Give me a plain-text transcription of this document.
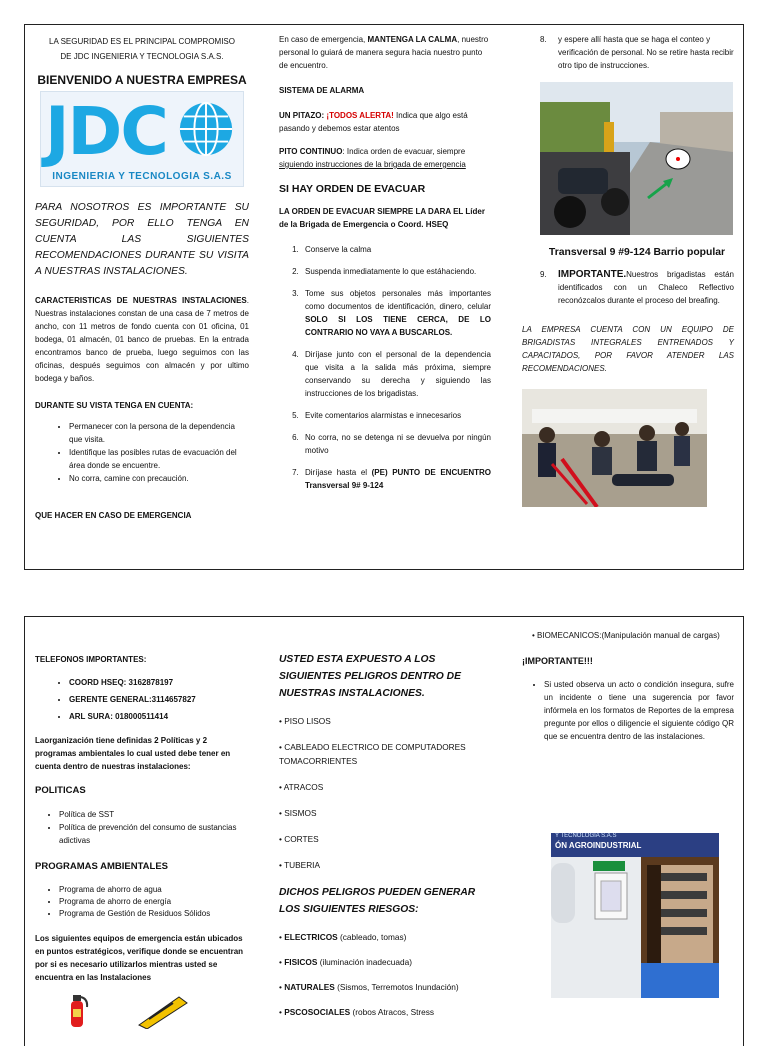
LA SEGURIDAD ES EL PRINCIPAL COMPROMISO

DE JDC INGENIERIA Y TECNOLOGIA S.A.S.

BIENVENIDO A NUESTRA EMPRESA

JDC
INGENIERIA Y TECNOLOGIA S.A.S

PARA NOSOTROS ES IMPORTANTE SU SEGURIDAD, POR ELLO TENGA EN CUENTA LAS SIGUIENTES RECOMENDACIONES DURANTE SU VISITA A NUESTRAS INSTALACIONES.

CARACTERISTICAS DE NUESTRAS INSTALACIONES. Nuestras instalaciones constan de una casa de 7 metros de ancho, con 11 metros de fondo cuenta con 01 oficina, 01 bodega, 01 almacén, 01 banco de pruebas. En la entrada encontramos banco de prueba, luego seguimos con las oficinas, después seguimos con almacén y por ultimo bodega y baños.

DURANTE SU VISTA TENGA EN CUENTA:

• Permanecer con la persona de la dependencia que visita.
• Identifique las posibles rutas de evacuación del área donde se encuentre.
• No corra, camine con precaución.

QUE HACER EN CASO DE EMERGENCIA

En caso de emergencia, MANTENGA LA CALMA, nuestro personal lo guiará de manera segura hacia nuestro punto de encuentro.

SISTEMA DE ALARMA

UN PITAZO: ¡TODOS ALERTA! Indica que algo está pasando y debemos estar atentos

PITO CONTINUO: Indica orden de evacuar, siempre siguiendo instrucciones de la brigada de emergencia

SI HAY ORDEN DE EVACUAR

LA ORDEN DE EVACUAR SIEMPRE LA DARA EL Líder de la Brigada de Emergencia o Coord. HSEQ

1. Conserve la calma
2. Suspenda inmediatamente lo que estáhaciendo.
3. Tome sus objetos personales más importantes como documentos de identificación, dinero, celular SOLO SI LOS TIENE CERCA, DE LO CONTRARIO NO VAYA A BUSCARLOS.
4. Diríjase junto con el personal de la dependencia que visita a la salida más próxima, siempre conservando su derecha y siguiendo las instrucciones de los brigadistas.
5. Evite comentarios alarmistas e innecesarios
6. No corra, no se detenga ni se devuelva por ningún motivo
7. Diríjase hasta el (PE) PUNTO DE ENCUENTRO Transversal 9# 9-124
8. y espere allí hasta que se haga el conteo y verificación de personal. No se retire hasta recibir otro tipo de instrucciones.

Transversal 9 #9-124 Barrio popular

9. IMPORTANTE.Nuestros brigadistas están identificados con un Chaleco Reflectivo reconózcalos durante el proceso del breafing.

LA EMPRESA CUENTA CON UN EQUIPO DE BRIGADISTAS INTEGRALES ENTRENADOS Y CAPACITADOS, POR FAVOR ATENDER LAS RECOMENDACIONES.

TELEFONOS IMPORTANTES:

• COORD HSEQ: 3162878197
• GERENTE GENERAL:3114657827
• ARL SURA: 018000511414

Laorganización tiene definidas 2 Políticas y 2 programas ambientales lo cual usted debe tener en cuenta dentro de nuestras instalaciones:

POLITICAS

• Política de SST
• Política de prevención del consumo de sustancias adictivas

PROGRAMAS AMBIENTALES

• Programa de ahorro de agua
• Programa de ahorro de energía
• Programa de Gestión de Residuos Sólidos

Los siguientes equipos de emergencia están ubicados en puntos estratégicos, verifique donde se encuentran por si es necesario utilizarlos mientras usted se encuentra en las Instalaciones

USTED ESTA EXPUESTO A LOS SIGUIENTES PELIGROS DENTRO DE NUESTRAS INSTALACIONES.

• PISO LISOS

• CABLEADO ELECTRICO DE COMPUTADORES TOMACORRIENTES

• ATRACOS

• SISMOS

• CORTES

• TUBERIA

DICHOS PELIGROS PUEDEN GENERAR LOS SIGUIENTES RIESGOS:

• ELECTRICOS (cableado, tomas)

• FISICOS (iluminación inadecuada)

• NATURALES (Sismos, Terremotos Inundación)

• PSCOSOCIALES (robos Atracos, Stress

• BIOMECANICOS:(Manipulación manual de cargas)

¡IMPORTANTE!!!

• Si usted observa un acto o condición insegura, sufre un incidente o tiene una sugerencia por favor infórmela en los formatos de Reportes de la empresa pregunte por ellos o diligencie el siguiente código QR que se encuentra dentro de las instalaciones.
Y TECNOLOGIA S.A.S
ÓN AGROINDUSTRIAL
